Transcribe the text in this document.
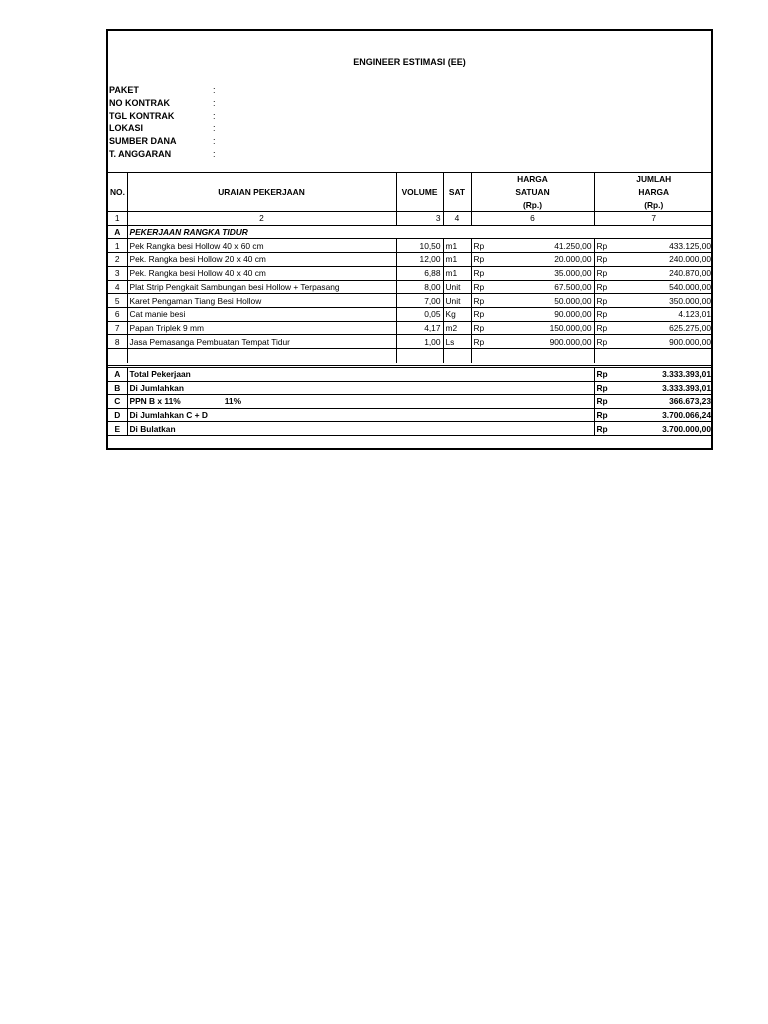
ENGINEER ESTIMASI (EE)
PAKET	:
NO KONTRAK	:
TGL KONTRAK	:
LOKASI	:
SUMBER DANA	:
T. ANGGARAN	:
NO.	URAIAN PEKERJAAN	VOLUME	SAT	HARGA		JUMLAH	
				SATUAN		HARGA	
				(Rp.)		(Rp.)	
1	2	3	4	6		7	
A	PEKERJAAN RANGKA TIDUR						
1	Pek Rangka besi Hollow 40 x 60 cm	10,50	m1	Rp	41.250,00	Rp	433.125,00
2	Pek. Rangka besi Hollow 20 x 40 cm	12,00	m1	Rp	20.000,00	Rp	240.000,00
3	Pek. Rangka besi Hollow 40 x 40 cm	6,88	m1	Rp	35.000,00	Rp	240.870,00
4	Plat Strip Pengkait Sambungan besi Hollow + Terpasang	8,00	Unit	Rp	67.500,00	Rp	540.000,00
5	Karet Pengaman Tiang Besi Hollow	7,00	Unit	Rp	50.000,00	Rp	350.000,00
6	Cat manie besi	0,05	Kg	Rp	90.000,00	Rp	4.123,01
7	Papan Triplek 9 mm	4,17	m2	Rp	150.000,00	Rp	625.275,00
8	Jasa Pemasanga Pembuatan Tempat Tidur	1,00	Ls	Rp	900.000,00	Rp	900.000,00

A	Total Pekerjaan					Rp	3.333.393,01
B	Di Jumlahkan					Rp	3.333.393,01
C	PPN B x 11% 11%					Rp	366.673,23
D	Di Jumlahkan C + D					Rp	3.700.066,24
E	Di Bulatkan					Rp	3.700.000,00
